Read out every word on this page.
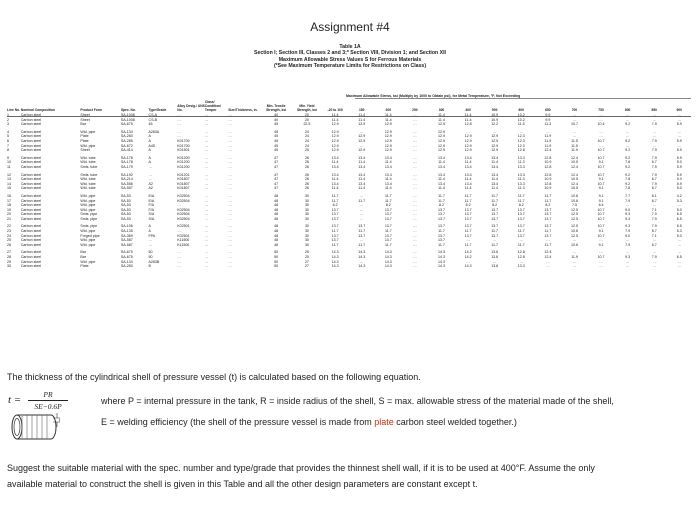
Assignment #4
Table 1A
Section I; Section III, Classes 2 and 3;* Section VIII, Division 1; and Section XII
Maximum Allowable Stress Values S for Ferrous Materials
(*See Maximum Temperature Limits for Restrictions on Class)
Maximum Allowable Stress, ksi (Multiply by 1000 to Obtain psi), for Metal Temperature, °F, Not Exceeding
Line No.	Nominal Composition	Product Form	Spec. No.	Type/Grade	Alloy Desig./ UNS No.	Class/ Condition/ Temper	Size/Thickness, in.	Min. Tensile Strength, ksi	Min. Yield Strength, ksi	-20 to 100	150	200	250	300	400	500	600	650	700	750	800	850	900
1	Carbon steel	Sheet	SA-1008	CS-A	…	…	…	40	20	11.4	11.4	11.4	…	11.4	11.4	10.9	10.2	9.9	…	…	…	…	…
2	Carbon steel	Sheet	SA-1008	CS-B	…	…	…	40	20	11.4	11.4	11.4	…	11.4	11.4	10.9	10.2	9.9	…	…	…	…	…
3	Carbon steel	Bar	SA-675	45	…	…	…	45	22.5	12.9	12.9	12.9	…	12.9	12.8	12.2	11.5	11.3	10.7	10.4	9.2	7.9	5.9
4	Carbon steel	Wld. pipe	SA-134	A283A	…	…	…	45	24	12.9	…	12.9	…	12.9	…	…	…	…	…	…	…	…	…
5	Carbon steel	Plate	SA-283	A	…	…	…	45	24	12.9	12.9	12.9	…	12.9	12.9	12.9	12.3	11.9	…	…	…	…	…
6	Carbon steel	Plate	SA-285	A	K01700	…	…	45	24	12.9	12.9	12.9	…	12.9	12.9	12.9	12.3	11.9	11.5	10.7	9.2	7.9	5.9
7	Carbon steel	Wld. pipe	SA-672	A45	K01700	…	…	45	24	12.9	…	12.9	…	12.9	12.9	12.9	12.3	11.9	11.5	…	…	…	…
8	Carbon steel	Sheet	SA-414	A	K01501	…	…	45	25	12.9	12.9	12.9	…	12.9	12.9	12.9	12.8	12.4	11.9	10.7	9.2	7.9	5.9
9	Carbon steel	Wld. tube	SA-178	A	K01200	…	…	47	26	13.4	13.4	13.4	…	13.4	13.4	13.4	13.3	12.8	12.4	10.7	9.2	7.9	5.9
10	Carbon steel	Wld. tube	SA-178	A	K01200	…	…	47	26	11.4	11.4	11.4	…	11.4	11.4	11.4	11.3	10.9	10.5	9.1	7.8	6.7	5.0
11	Carbon steel	Smls. tube	SA-179	…	K01200	…	…	47	26	13.4	13.4	13.4	…	13.4	13.4	13.4	13.3	12.8	12.4	10.7	9.2	7.9	5.9
12	Carbon steel	Smls. tube	SA-192	…	K01201	…	…	47	26	13.4	13.4	13.4	…	13.4	13.4	13.4	13.3	12.8	12.4	10.7	9.2	7.9	5.9
13	Carbon steel	Wld. tube	SA-214	…	K01807	…	…	47	26	11.4	11.4	11.4	…	11.4	11.4	11.4	11.3	10.9	10.5	9.1	7.8	6.7	5.0
14	Carbon steel	Wld. tube	SA-556	A2	K01807	…	…	47	26	13.4	13.4	13.4	…	13.4	13.4	13.4	13.3	12.8	12.4	10.7	9.2	7.9	5.9
15	Carbon steel	Wld. tube	SA-557	A2	K01807	…	…	47	26	11.4	11.4	11.4	…	11.4	11.4	11.4	11.3	10.9	10.5	9.1	7.8	6.7	5.0
16	Carbon steel	Wld. pipe	SA-53	E/A	K02504	…	…	48	30	11.7	…	11.7	…	11.7	11.7	11.7	11.7	11.7	10.6	9.1	7.7	6.1	4.2
17	Carbon steel	Wld. pipe	SA-53	E/A	K02504	…	…	48	30	11.7	11.7	11.7	…	11.7	11.7	11.7	11.7	11.7	10.6	9.1	7.9	6.7	5.3
18	Carbon steel	Wld. pipe	SA-53	F/A	…	…	…	48	30	8.2	…	8.2	…	8.2	8.2	8.2	8.2	8.2	7.5	6.4	…	…	…
19	Carbon steel	Wld. pipe	SA-53	F/A	K02504	…	…	48	30	13.7	…	13.7	…	13.7	13.7	13.7	13.7	13.7	12.5	10.7	9.0	7.1	5.0
20	Carbon steel	Smls. pipe	SA-53	S/A	K02504	…	…	48	30	13.7	…	13.7	…	13.7	13.7	13.7	13.7	13.7	12.5	10.7	9.3	7.9	6.5
21	Carbon steel	Smls. pipe	SA-53	S/A	K02504	…	…	48	30	13.7	…	13.7	…	13.7	13.7	13.7	13.7	13.7	12.5	10.7	9.3	7.9	6.5
22	Carbon steel	Smls. pipe	SA-106	A	K02501	…	…	48	30	13.7	13.7	13.7	…	13.7	13.7	13.7	13.7	13.7	12.5	10.7	9.3	7.9	6.5
23	Carbon steel	Wld. pipe	SA-135	A	…	…	…	48	30	11.7	11.7	11.7	…	11.7	11.7	11.7	11.7	11.7	10.6	9.1	7.9	6.7	5.3
24	Carbon steel	Forged pipe	SA-369	FPA	K02501	…	…	48	30	13.7	13.7	13.7	…	13.7	13.7	13.7	13.7	13.7	12.5	10.7	9.0	7.1	5.0
25	Carbon steel	Wld. pipe	SA-587	…	K11500	…	…	48	30	13.7	…	13.7	…	13.7	…	…	…	…	…	…	…	…	…
26	Carbon steel	Wld. pipe	SA-587	…	K11500	…	…	48	30	11.7	11.7	11.7	…	11.7	11.7	11.7	11.7	11.7	10.6	9.1	7.9	6.7	…
27	Carbon steel	Bar	SA-675	50	…	…	…	50	25	14.3	14.3	14.3	…	14.3	14.2	13.6	12.8	12.4	…	…	…	…	…
28	Carbon steel	Bar	SA-675	50	…	…	…	50	25	14.3	14.3	14.3	…	14.3	14.2	13.6	12.8	12.4	11.9	10.7	9.3	7.9	6.5
29	Carbon steel	Wld. pipe	SA-134	A283B	…	…	…	50	27	14.3	…	14.3	…	14.3	…	…	…	…	…	…	…	…	…
30	Carbon steel	Plate	SA-283	B	…	…	…	50	27	14.3	14.3	14.3	…	14.3	14.3	13.8	13.3	…	…	…	…	…	…
The thickness of the cylindrical shell of pressure vessel (t) is calculated based on the following equation.
$t = \frac{PR}{SE-0.6P}$	where P = internal pressure in the tank, R = inside radius of the shell, S = max. allowable stress of the material made of the shell,
t	E = welding efficiency (the shell of the pressure vessel is made from plate carbon steel welded together.)
Suggest the suitable material with the spec. number and type/grade that provides the thinnest shell wall, if it is to be used at 400°F. Assume the only
available material to construct the shell is given in this Table and all the other design parameters are constant except t.
